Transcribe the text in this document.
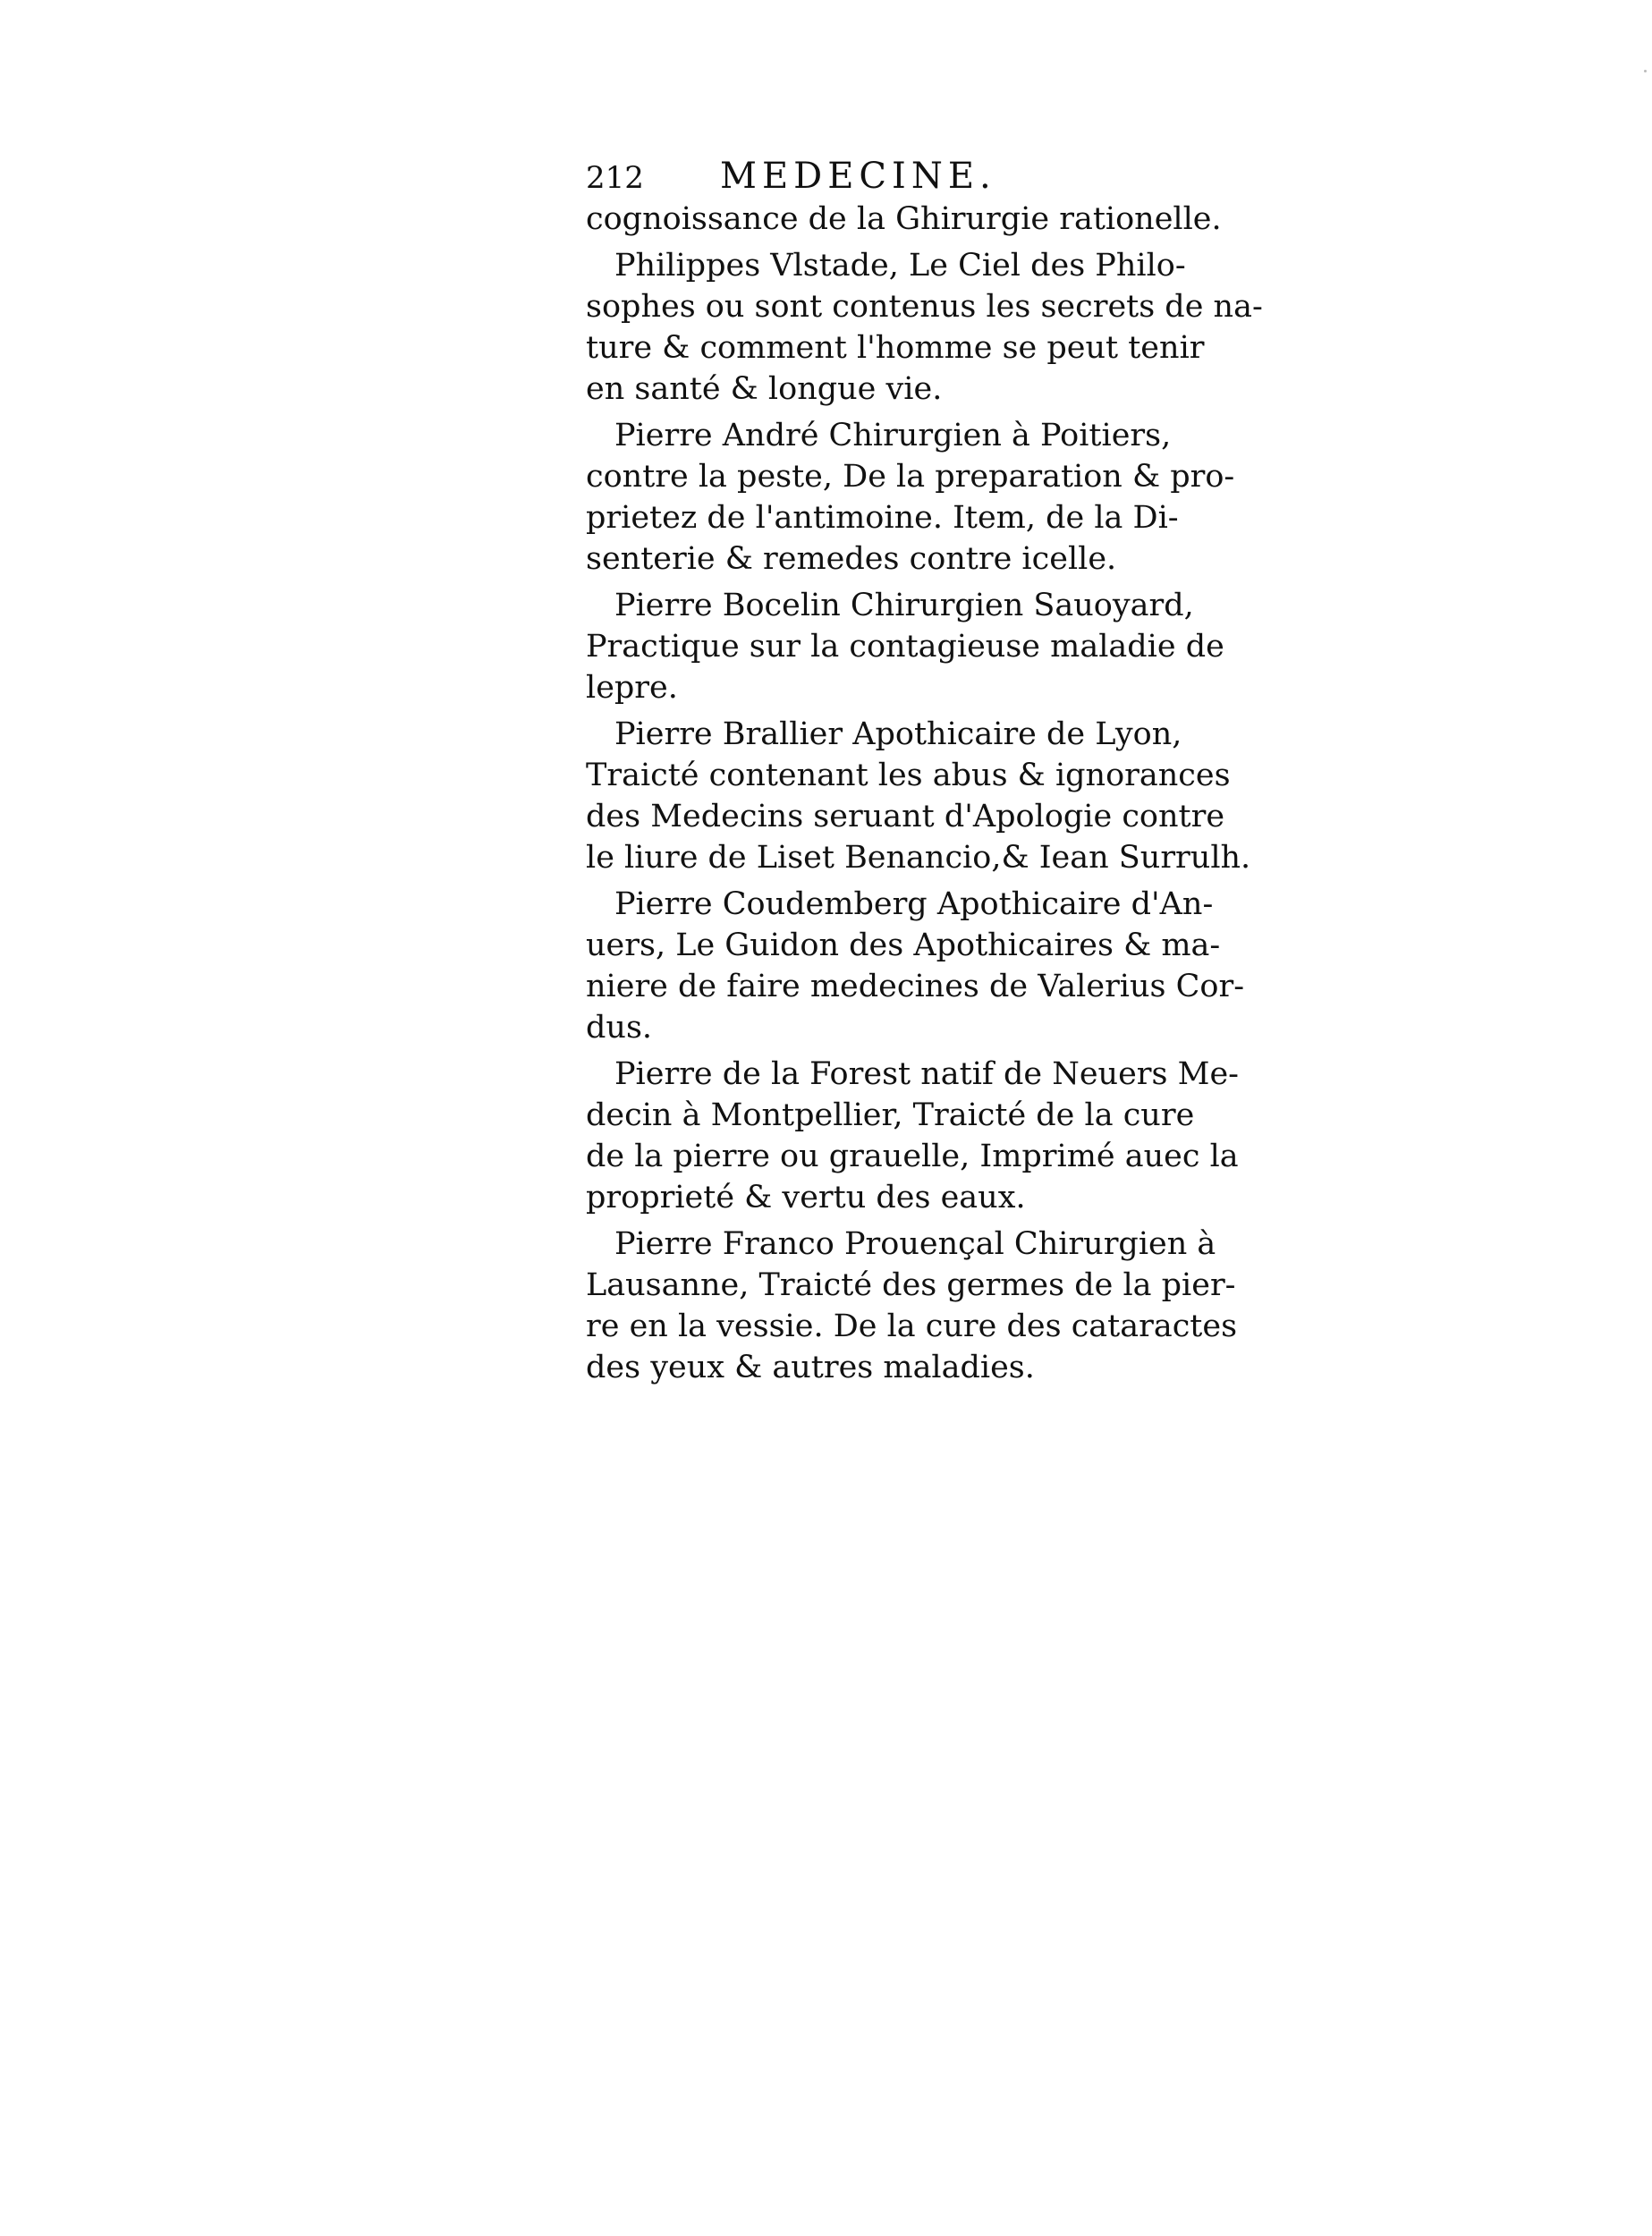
212	MEDECINE.
cognoissance de la Ghirurgie rationelle.
Philippes Vlstade, Le Ciel des Philo-
sophes ou sont contenus les secrets de na-
ture & comment l'homme se peut tenir
en santé & longue vie.
Pierre André Chirurgien à Poitiers,
contre la peste, De la preparation & pro-
prietez de l'antimoine. Item, de la Di-
senterie & remedes contre icelle.
Pierre Bocelin Chirurgien Sauoyard,
Practique sur la contagieuse maladie de
lepre.
Pierre Brallier Apothicaire de Lyon,
Traicté contenant les abus & ignorances
des Medecins seruant d'Apologie contre
le liure de Liset Benancio,& Iean Surrulh.
Pierre Coudemberg Apothicaire d'An-
uers, Le Guidon des Apothicaires & ma-
niere de faire medecines de Valerius Cor-
dus.
Pierre de la Forest natif de Neuers Me-
decin à Montpellier, Traicté de la cure
de la pierre ou grauelle, Imprimé auec la
proprieté & vertu des eaux.
Pierre Franco Prouençal Chirurgien à
Lausanne, Traicté des germes de la pier-
re en la vessie. De la cure des cataractes
des yeux & autres maladies.
